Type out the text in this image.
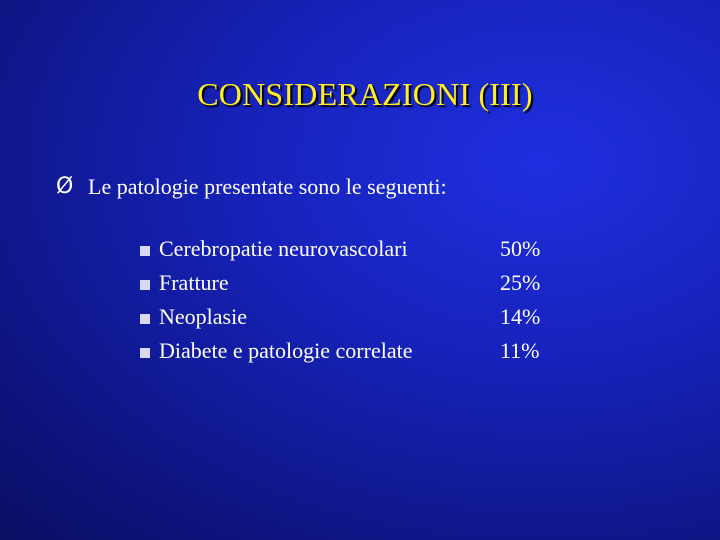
CONSIDERAZIONI (III)
Ø Le patologie presentate sono le seguenti:
Cerebropatie neurovascolari	50%
Fratture	25%
Neoplasie	14%
Diabete e patologie correlate	11%
